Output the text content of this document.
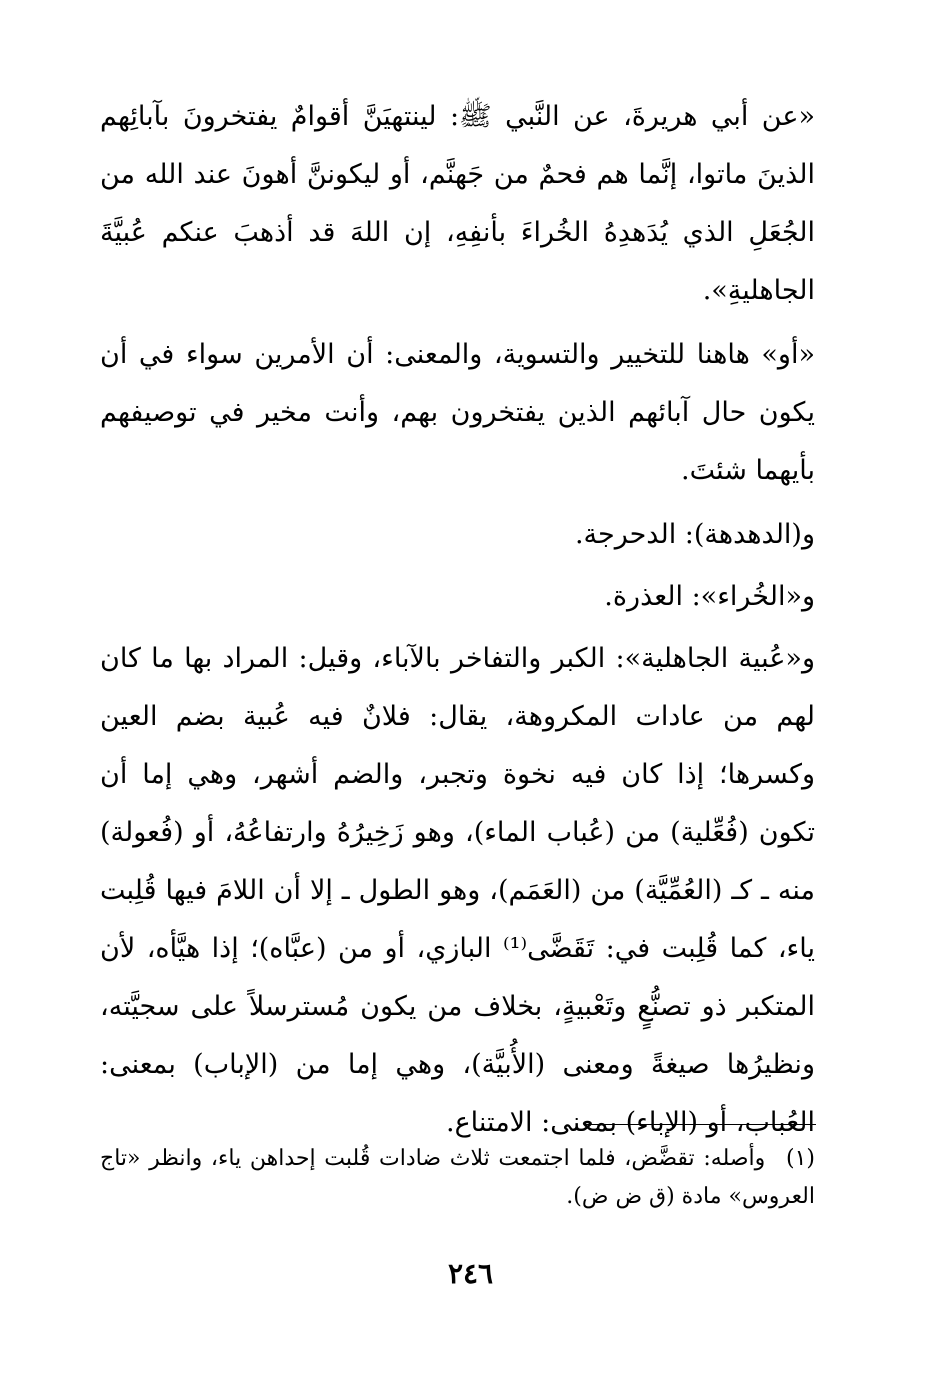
«عن أبي هريرةَ، عن النَّبي ﷺ: لينتهيَنَّ أقوامٌ يفتخرونَ بآبائِهم الذينَ ماتوا، إنَّما هم فحمٌ من جَهنَّم، أو ليكوننَّ أهونَ عند الله من الجُعَلِ الذي يُدَهدِهُ الخُراءَ بأنفِهِ، إن اللهَ قد أذهبَ عنكم عُبيَّةَ الجاهليةِ».

«أو» هاهنا للتخيير والتسوية، والمعنى: أن الأمرين سواء في أن يكون حال آبائهم الذين يفتخرون بهم، وأنت مخير في توصيفهم بأيهما شئتَ.

و(الدهدهة): الدحرجة.

و«الخُراء»: العذرة.

و«عُبية الجاهلية»: الكبر والتفاخر بالآباء، وقيل: المراد بها ما كان لهم من عادات المكروهة، يقال: فلانٌ فيه عُبية بضم العين وكسرها؛ إذا كان فيه نخوة وتجبر، والضم أشهر، وهي إما أن تكون (فُعِّلية) من (عُباب الماء)، وهو زَخِيرُهُ وارتفاعُهُ، أو (فُعولة) منه ـ كـ (العُمِّيَّة) من (العَمَم)، وهو الطول ـ إلا أن اللامَ فيها قُلِبت ياء، كما قُلِبت في: تَقَضَّى⁽¹⁾ البازي، أو من (عبَّاه)؛ إذا هيَّأه، لأن المتكبر ذو تصنُّعٍ وتَعْبيةٍ، بخلاف من يكون مُسترسلاً على سجيَّته، ونظيرُها صيغةً ومعنى (الأُبيَّة)، وهي إما من (الإباب) بمعنى: العُباب، أو (الإباء) بمعنى: الامتناع.

(١) وأصله: تقضَّض، فلما اجتمعت ثلاث ضادات قُلبت إحداهن ياء، وانظر «تاج العروس» مادة (ق ض ض).
٢٤٦
